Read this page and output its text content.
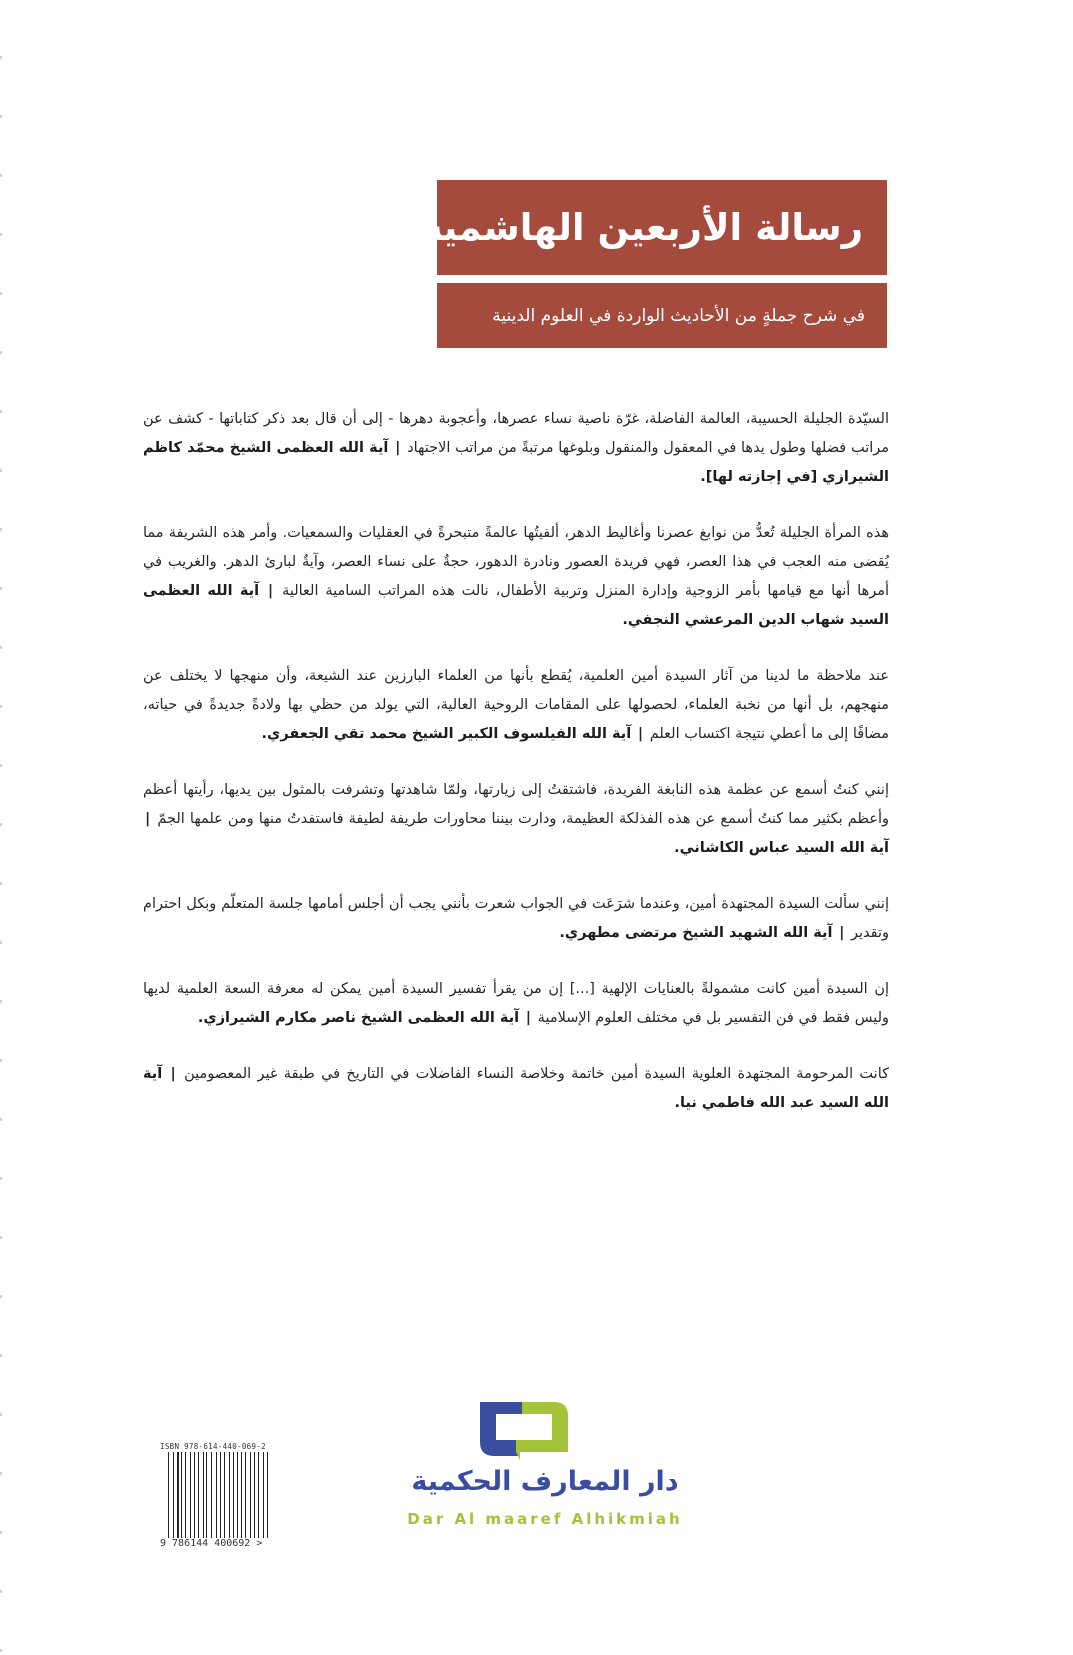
رسالة الأربعين الهاشمية
في شرح جملةٍ من الأحاديث الواردة في العلوم الدينية

السيّدة الجليلة الحسيبة، العالمة الفاضلة، غرّة ناصية نساء عصرها، وأعجوبة دهرها - إلى أن قال بعد ذكر كتاباتها - كشف عن مراتب فضلها وطول يدها في المعقول والمنقول وبلوغها مرتبةً من مراتب الاجتهاد | آية الله العظمى الشيخ محمّد كاظم الشيرازي [في إجازته لها].

هذه المرأة الجليلة تُعدُّ من نوابغ عصرنا وأغاليط الدهر، ألفيتُها عالمةً متبحرةً في العقليات والسمعيات. وأمر هذه الشريفة مما يُقضى منه العجب في هذا العصر، فهي فريدة العصور ونادرة الدهور، حجةٌ على نساء العصر، وآيةٌ لبارئ الدهر. والغريب في أمرها أنها مع قيامها بأمر الزوجية وإدارة المنزل وتربية الأطفال، نالت هذه المراتب السامية العالية | آية الله العظمى السيد شهاب الدين المرعشي النجفي.

عند ملاحظة ما لدينا من آثار السيدة أمين العلمية، يُقطع بأنها من العلماء البارزين عند الشيعة، وأن منهجها لا يختلف عن منهجهم، بل أنها من نخبة العلماء، لحصولها على المقامات الروحية العالية، التي يولد من حظي بها ولادةً جديدةً في حياته، مضافًا إلى ما أعطي نتيجة اكتساب العلم | آية الله الفيلسوف الكبير الشيخ محمد تقي الجعفري.

إنني كنتُ أسمع عن عظمة هذه النابغة الفريدة، فاشتقتُ إلى زيارتها، ولمّا شاهدتها وتشرفت بالمثول بين يديها، رأيتها أعظم وأعظم بكثير مما كنتُ أسمع عن هذه الفذلكة العظيمة، ودارت بيننا محاورات طريفة لطيفة فاستفدتُ منها ومن علمها الجمّ | آية الله السيد عباس الكاشاني.

إنني سألت السيدة المجتهدة أمين، وعندما شرَعَت في الجواب شعرت بأنني يجب أن أجلس أمامها جلسة المتعلّم وبكل احترام وتقدير | آية الله الشهيد الشيخ مرتضى مطهري.

إن السيدة أمين كانت مشمولةً بالعنايات الإلهية [...] إن من يقرأ تفسير السيدة أمين يمكن له معرفة السعة العلمية لديها وليس فقط في فن التفسير بل في مختلف العلوم الإسلامية | آية الله العظمى الشيخ ناصر مكارم الشيرازي.

كانت المرحومة المجتهدة العلوية السيدة أمين خاتمة وخلاصة النساء الفاضلات في التاريخ في طبقة غير المعصومين | آية الله السيد عبد الله فاطمي نيا.

ISBN 978-614-440-069-2
9 786144 400692 >
دار المعارف الحكمية
Dar Al maaref Alhikmiah
